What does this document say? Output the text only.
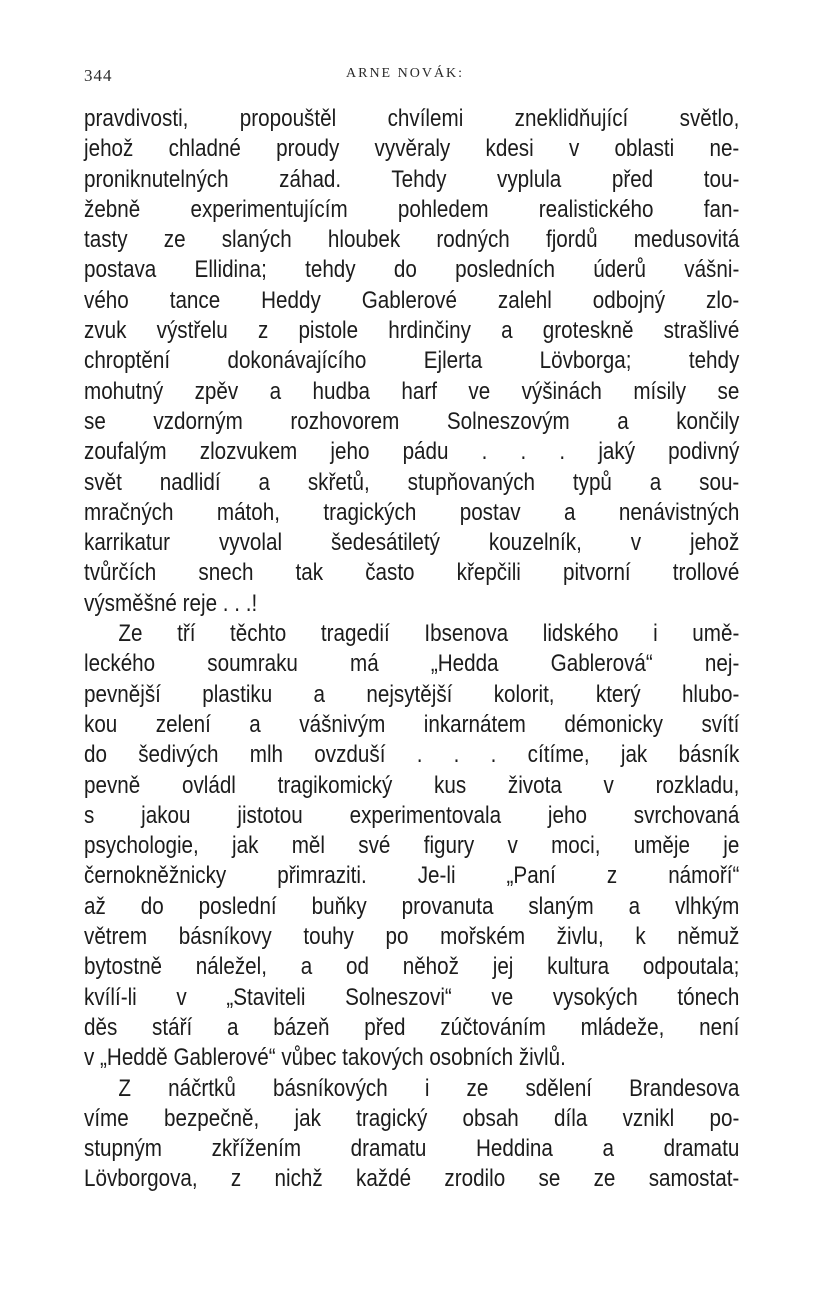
344	ARNE NOVÁK:
pravdivosti, propouštěl chvílemi zneklidňující světlo,
jehož chladné proudy vyvěraly kdesi v oblasti ne-
proniknutelných záhad. Tehdy vyplula před tou-
žebně experimentujícím pohledem realistického fan-
tasty ze slaných hloubek rodných fjordů medusovitá
postava Ellidina; tehdy do posledních úderů vášni-
vého tance Heddy Gablerové zalehl odbojný zlo-
zvuk výstřelu z pistole hrdinčiny a groteskně strašlivé
chroptění dokonávajícího Ejlerta Lövborga; tehdy
mohutný zpěv a hudba harf ve výšinách mísily se
se vzdorným rozhovorem Solneszovým a končily
zoufalým zlozvukem jeho pádu . . . jaký podivný
svět nadlidí a skřetů, stupňovaných typů a sou-
mračných mátoh, tragických postav a nenávistných
karrikatur vyvolal šedesátiletý kouzelník, v jehož
tvůrčích snech tak často křepčili pitvorní trollové
výsměšné reje . . .!
Ze tří těchto tragedií Ibsenova lidského i umě-
leckého soumraku má „Hedda Gablerová“ nej-
pevnější plastiku a nejsytější kolorit, který hlubo-
kou zelení a vášnivým inkarnátem démonicky svítí
do šedivých mlh ovzduší . . . cítíme, jak básník
pevně ovládl tragikomický kus života v rozkladu,
s jakou jistotou experimentovala jeho svrchovaná
psychologie, jak měl své figury v moci, uměje je
černokněžnicky přimraziti. Je-li „Paní z námoří“
až do poslední buňky provanuta slaným a vlhkým
větrem básníkovy touhy po mořském živlu, k němuž
bytostně náležel, a od něhož jej kultura odpoutala;
kvílí-li v „Staviteli Solneszovi“ ve vysokých tónech
děs stáří a bázeň před zúčtováním mládeže, není
v „Heddě Gablerové“ vůbec takových osobních živlů.
Z náčrtků básníkových i ze sdělení Brandesova
víme bezpečně, jak tragický obsah díla vznikl po-
stupným zkřížením dramatu Heddina a dramatu
Lövborgova, z nichž každé zrodilo se ze samostat-
